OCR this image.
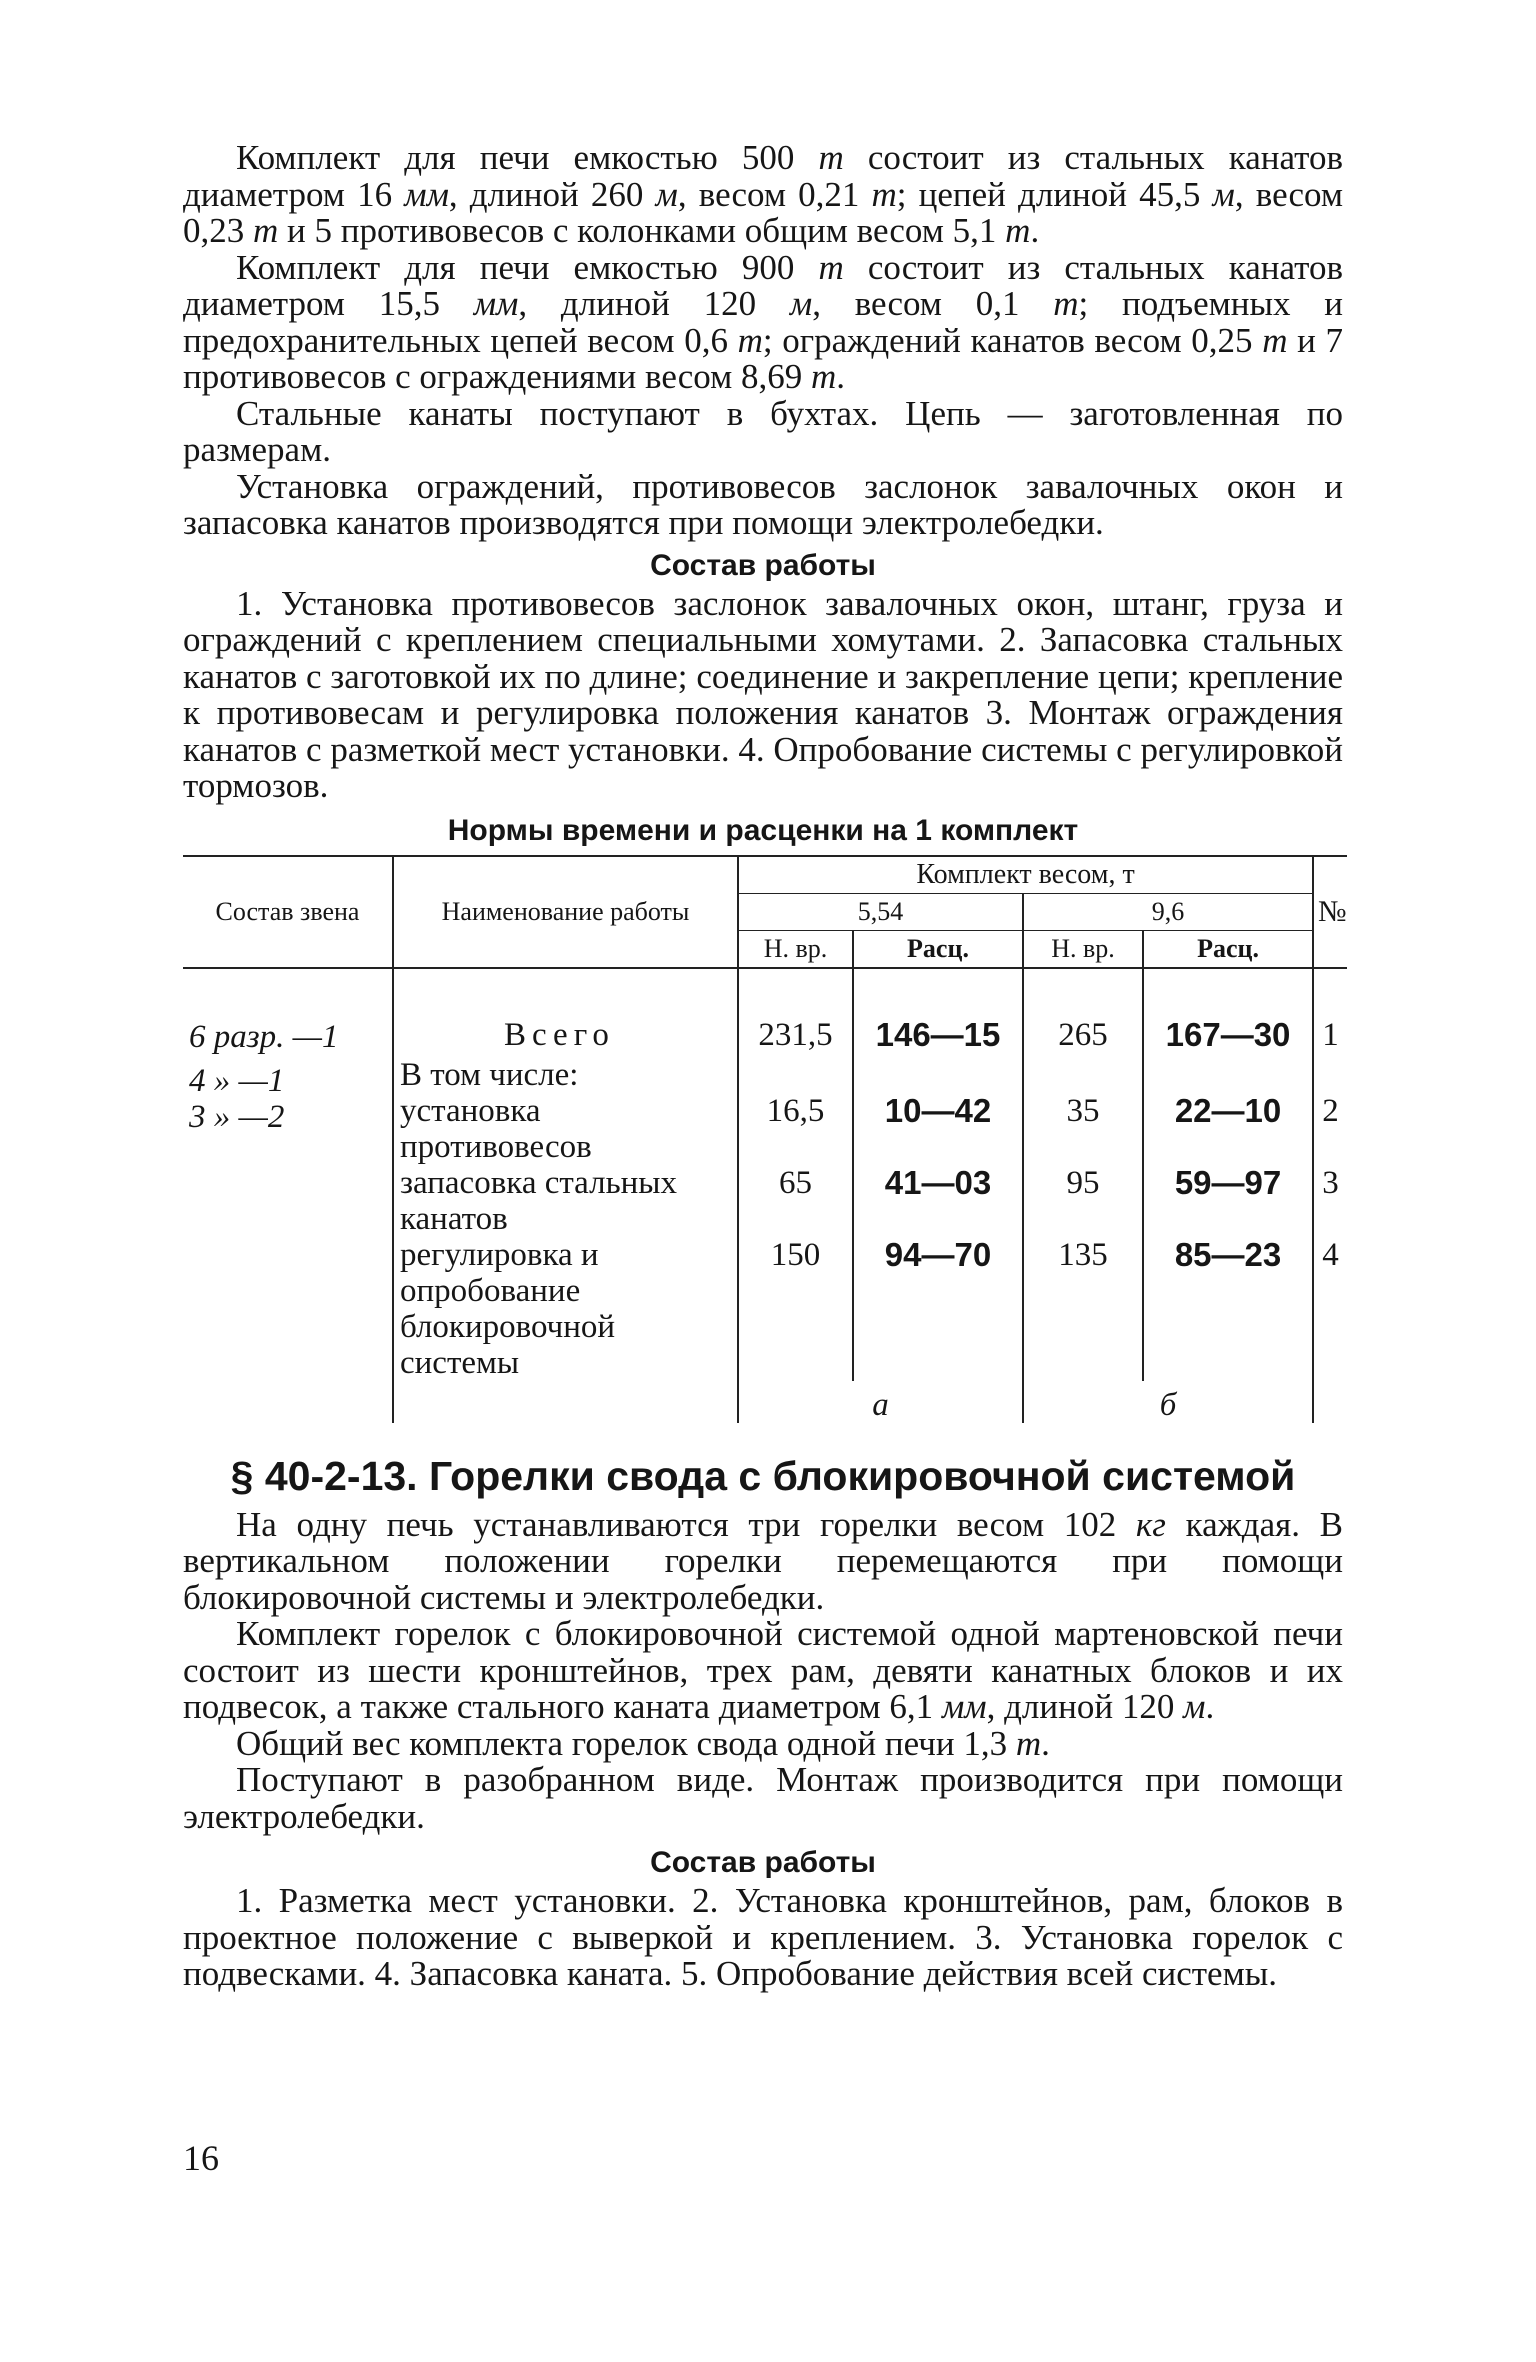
Комплект для печи емкостью 500 т состоит из стальных канатов диаметром 16 мм, длиной 260 м, весом 0,21 т; цепей длиной 45,5 м, весом 0,23 т и 5 противовесов с колонками общим весом 5,1 т.

Комплект для печи емкостью 900 т состоит из стальных канатов диаметром 15,5 мм, длиной 120 м, весом 0,1 т; подъемных и предохранительных цепей весом 0,6 т; ограждений канатов весом 0,25 т и 7 противовесов с ограждениями весом 8,69 т.

Стальные канаты поступают в бухтах. Цепь — заготовленная по размерам.

Установка ограждений, противовесов заслонок завалочных окон и запасовка канатов производятся при помощи электролебедки.

Состав работы

1. Установка противовесов заслонок завалочных окон, штанг, груза и ограждений с креплением специальными хомутами. 2. Запасовка стальных канатов с заготовкой их по длине; соединение и закрепление цепи; крепление к противовесам и регулировка положения канатов 3. Монтаж ограждения канатов с разметкой мест установки. 4. Опробование системы с регулировкой тормозов.

Нормы времени и расценки на 1 комплект
Состав звена	Наименование работы	Комплект весом, т				№
		5,54		9,6		
		Н. вр.	Расц.	Н. вр.	Расц.	

6 разр. —1
4 » —1
3 » —2	Всего	231,5	146—15	265	167—30	1
	В том числе:					
	установка противовесов	16,5	10—42	35	22—10	2
	запасовка стальных канатов	65	41—03	95	59—97	3
	регулировка и опробование блокировочной системы	150	94—70	135	85—23	4
		а		б		
§ 40-2-13. Горелки свода с блокировочной системой

На одну печь устанавливаются три горелки весом 102 кг каждая. В вертикальном положении горелки перемещаются при помощи блокировочной системы и электролебедки.

Комплект горелок с блокировочной системой одной мартеновской печи состоит из шести кронштейнов, трех рам, девяти канатных блоков и их подвесок, а также стального каната диаметром 6,1 мм, длиной 120 м.

Общий вес комплекта горелок свода одной печи 1,3 т.

Поступают в разобранном виде. Монтаж производится при помощи электролебедки.

Состав работы

1. Разметка мест установки. 2. Установка кронштейнов, рам, блоков в проектное положение с выверкой и креплением. 3. Установка горелок с подвесками. 4. Запасовка каната. 5. Опробование действия всей системы.

16
